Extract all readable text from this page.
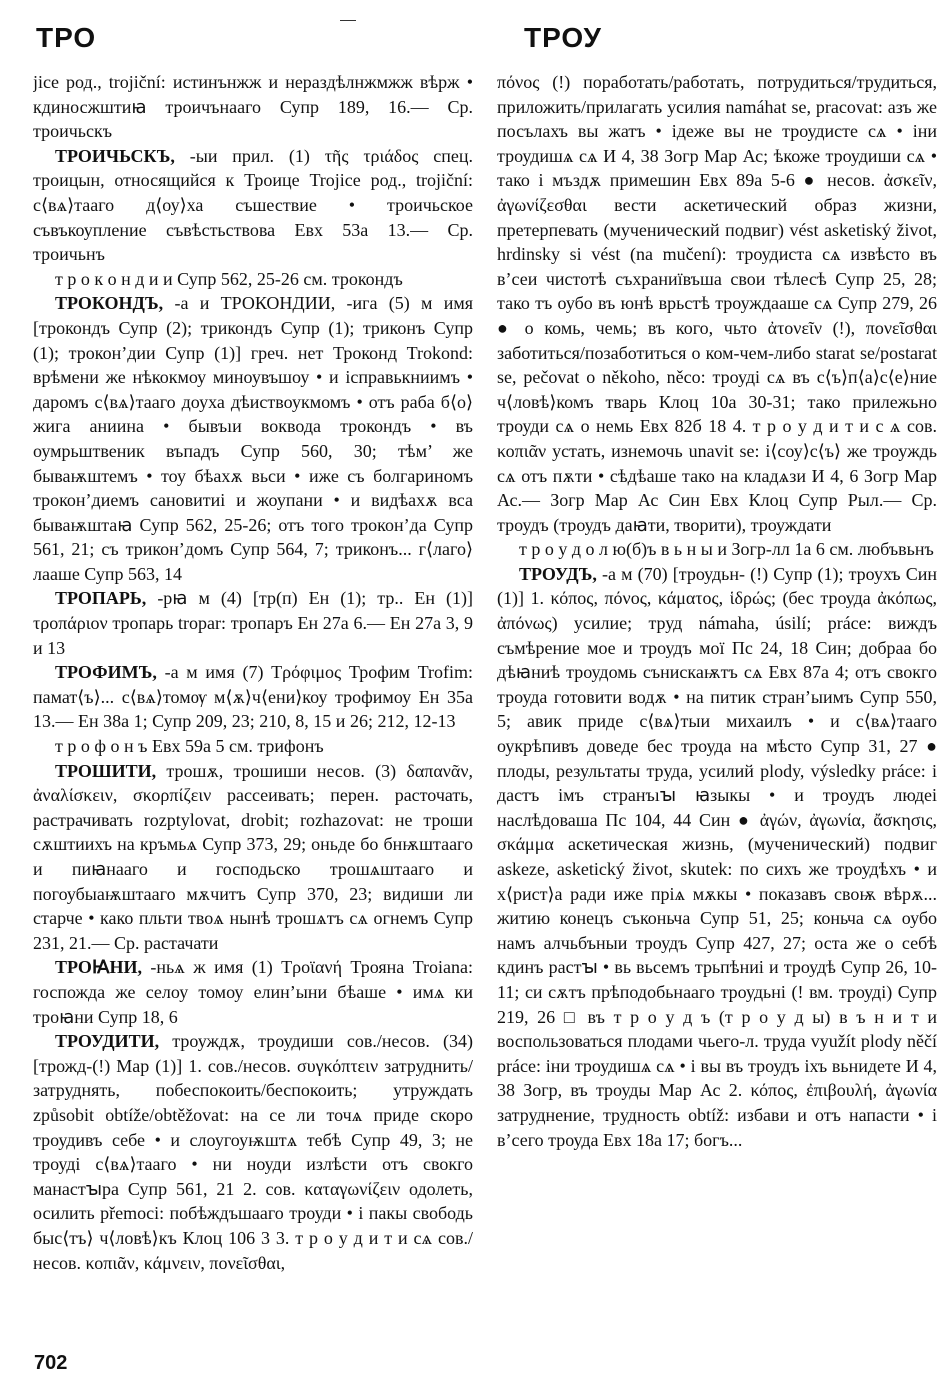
ТРО	ТРОУ

jice род., trojiční: истинънжж и нераздѣлнжмжж вѣрж • кдиносжштиꙗ троичънааго Супр 189, 16.— Ср. троичьскъ

ТРОИЧЬСКЪ, -ыи прил. (1) τῆς τριάδος спец. троицын, относящийся к Троице Trojice род., trojiční: с⟨вѧ⟩тааго д⟨оу⟩ха съшествие • троичьское съвъкоупление съвѣстьствова Евх 53а 13.— Ср. троичьнъ

т р о к о н д и и Супр 562, 25-26 см. трокондъ

ТРОКОНДЪ, -а и ТРОКОНДИИ, -ига (5) м имя [трокондъ Супр (2); трикондъ Супр (1); триконъ Супр (1); трокон’дии Супр (1)] греч. нет Троконд Trokond: врѣмени же нѣкокмоу миноувъшоу • и ісправькниимъ • даромъ с⟨вѧ⟩тааго доуха дѣиствоукмомъ • отъ раба б⟨о⟩жига аниина • бывъıи воквода трокондъ • въ оумрьштвеник въпадъ Супр 560, 30; тѣм’ же бываѭштемъ • тоу бѣахѫ вьси • иже съ болгариномъ трокон’диемъ сановитиі и жоупани • и видѣахѫ вса бываѭштаꙗ Супр 562, 25-26; отъ того трокон’да Супр 561, 21; съ трикон’домъ Супр 564, 7; триконъ... г⟨лаго⟩лааше Супр 563, 14

ТРОПАРЬ, -рꙗ м (4) [тр(п) Ен (1); тр.. Ен (1)] τροπάριον тропарь tropar: тропаръ Ен 27а 6.— Ен 27а 3, 9 и 13

ТРОФИМЪ, -а м имя (7) Τρόφιμος Трофим Trofim: памат⟨ъ⟩... с⟨вѧ⟩томѹ м⟨ѫ⟩ч⟨ени⟩коу трофимоу Ен 35а 13.— Ен 38а 1; Супр 209, 23; 210, 8, 15 и 26; 212, 12-13

т р о ф о н ъ Евх 59а 5 см. трифонъ

ТРОШИТИ, трошѫ, трошиши несов. (3) δαπανᾶν, ἀναλίσκειν, σκορπίζειν рассеивать; перен. расточать, растрачивать rozptylovat, drobit; rozhazovat: не троши сѫштиихъ на кръмьѧ Супр 373, 29; оньде бо бнѭштааго и пиꙗнааго и господьско трошѧштааго и погоубыаѭштааго мѫчитъ Супр 370, 23; видиши ли старче • како пльти твоѧ нынѣ трошѧтъ сѧ огнемъ Супр 231, 21.— Ср. растачати

ТРОꙖНИ, -ньѧ ж имя (1) Τροϊανή Трояна Troiana: госпожда же селоу томоу елин’ыни бѣаше • имѧ ки троꙗни Супр 18, 6

ТРОУДИТИ, троуждѫ, троудиши сов./несов. (34) [трожд-(!) Мар (1)] 1. сов./несов. συγκόπτειν затруднить/затруднять, побеспокоить/беспокоить; утруждать způsobit obtíže/obtěžovat: на се ли точѧ приде скоро троудивъ себе • и слоугоуѭштѧ тебѣ Супр 49, 3; не троуді с⟨вѧ⟩тааго • ни ноуди излѣсти отъ свокго манастꙑра Супр 561, 21 2. сов. καταγωνίζειν одолеть, осилить přemoci: побѣждъшааго троуди • і пакы свободь быс⟨тъ⟩ ч⟨ловѣ⟩къ Клоц 106 3 3. т р о у д и т и сѧ сов./несов. κοπιᾶν, κάμνειν, πονεῖσθαι,

πόνος (!) поработать/работать, потрудиться/трудиться, приложить/прилагать усилия namáhat se, pracovat: азъ же посълахъ вы жатъ • ідеже вы не троудисте сѧ • іни троудишѧ сѧ И 4, 38 Зогр Мар Ас; ѣкоже троудиши сѧ • тако і мъздѫ примешин Евх 89а 5-6 ● несов. ἀσκεῖν, ἀγωνίζεσθαι вести аскетический образ жизни, претерпевать (мученический подвиг) vést asketiský život, hrdinsky si vést (na mučení): троудиста сѧ извѣсто въ в’сеи чистотѣ съхраниївъша свои тѣлесѣ Супр 25, 28; тако тъ оубо въ юнѣ врьстѣ троуждааше сѧ Супр 279, 26 ● о комь, чемь; въ кого, чьто ἀτονεῖν (!), πονεῖσθαι заботиться/позаботиться о ком-чем-либо starat se/postarat se, pečovat o někoho, něco: троуді сѧ въ с⟨ъ⟩п⟨а⟩с⟨е⟩ние ч⟨ловѣ⟩комъ тварь Клоц 10а 30-31; тако прилежьно троуди сѧ о немь Евх 82б 18 4. т р о у д и т и с ѧ сов. κοπιᾶν устать, изнемочь unavit se: і⟨соу⟩с⟨ъ⟩ же троуждь сѧ отъ пѫти • сѣдѣаше тако на кладѧзи И 4, 6 Зогр Мар Ас.— Зогр Мар Ас Син Евх Клоц Супр Рыл.— Ср. троудъ (троудъ даꙗти, творити), троуждати

т р о у д о л ю(б)ъ в ь н ы и Зогр-лл 1а 6 см. любъвьнъ

ТРОУДЪ, -а м (70) [троудьн- (!) Супр (1); троухъ Син (1)] 1. κόπος, πόνος, κάματος, ἱδρώς; (бес троуда ἀκόπως, ἀπόνως) усилие; труд námaha, úsilí; práce: виждъ съмѣрение мое и троудъ мої Пс 24, 18 Син; добраа бо дѣꙗниѣ троудомь сънискаѭтъ сѧ Евх 87а 4; отъ свокго троуда готовити водѫ • на питик стран’ыимъ Супр 550, 5; авик приде с⟨вѧ⟩тыи михаилъ • и с⟨вѧ⟩тааго оукрѣпивъ доведе бес троуда на мѣсто Супр 31, 27 ● плоды, результаты труда, усилий plody, výsledky práce: і дастъ імъ странъıꙑ ꙗзыкы • и троудъ людеі наслѣдоваша Пс 104, 44 Син ● ἀγών, ἀγωνία, ἄσκησις, σκάμμα аскетическая жизнь, (мученический) подвиг askeze, asketický život, skutek: по сихъ же троудѣхъ • и х⟨рист⟩а ради иже пріѧ мѫкы • показавъ своѭ вѣрѫ... житию конецъ съконьча Супр 51, 25; коньча сѧ оубо намъ алчьбъныи троудъ Супр 427, 27; оста же о себѣ кдинъ растꙑ • вь вьсемъ трьпѣниі и троудѣ Супр 26, 10-11; си сѫтъ прѣподобьнааго троудьні (! вм. троуді) Супр 219, 26 □ въ т р о у д ъ (т р о у д ы) в ъ н и т и воспользоваться плодами чьего-л. труда využít plody něčí práce: іни троудишѧ сѧ • і вы въ троудъ іхъ вьнидете И 4, 38 Зогр, въ троуды Мар Ас 2. κόπος, ἐπιβουλή, ἀγωνία затруднение, трудность obtíž: избави и отъ напасти • і в’сего троуда Евх 18а 17; богъ...

702
